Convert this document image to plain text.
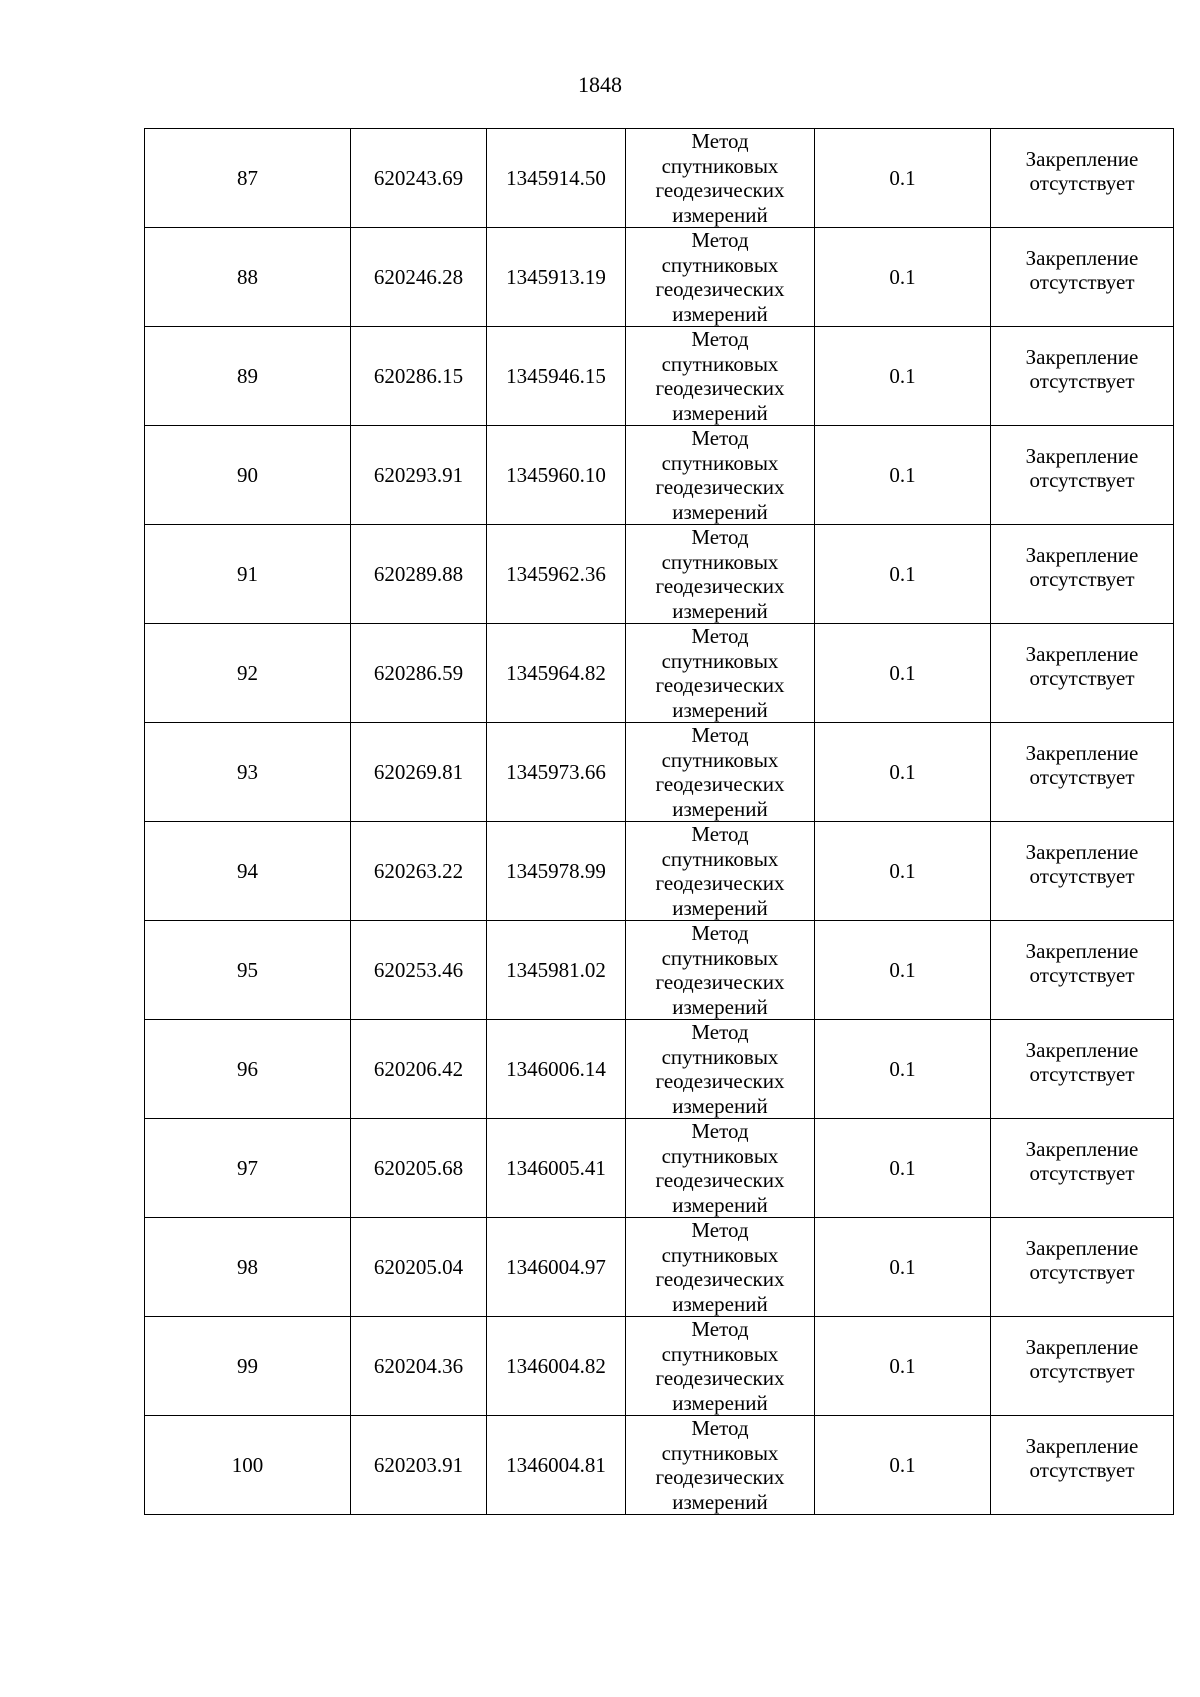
1848
87	620243.69	1345914.50	Метод
спутниковых
геодезических
измерений	0.1	Закрепление
отсутствует

88	620246.28	1345913.19	Метод
спутниковых
геодезических
измерений	0.1	Закрепление
отсутствует

89	620286.15	1345946.15	Метод
спутниковых
геодезических
измерений	0.1	Закрепление
отсутствует

90	620293.91	1345960.10	Метод
спутниковых
геодезических
измерений	0.1	Закрепление
отсутствует

91	620289.88	1345962.36	Метод
спутниковых
геодезических
измерений	0.1	Закрепление
отсутствует

92	620286.59	1345964.82	Метод
спутниковых
геодезических
измерений	0.1	Закрепление
отсутствует

93	620269.81	1345973.66	Метод
спутниковых
геодезических
измерений	0.1	Закрепление
отсутствует

94	620263.22	1345978.99	Метод
спутниковых
геодезических
измерений	0.1	Закрепление
отсутствует

95	620253.46	1345981.02	Метод
спутниковых
геодезических
измерений	0.1	Закрепление
отсутствует

96	620206.42	1346006.14	Метод
спутниковых
геодезических
измерений	0.1	Закрепление
отсутствует

97	620205.68	1346005.41	Метод
спутниковых
геодезических
измерений	0.1	Закрепление
отсутствует

98	620205.04	1346004.97	Метод
спутниковых
геодезических
измерений	0.1	Закрепление
отсутствует

99	620204.36	1346004.82	Метод
спутниковых
геодезических
измерений	0.1	Закрепление
отсутствует

100	620203.91	1346004.81	Метод
спутниковых
геодезических
измерений	0.1	Закрепление
отсутствует
